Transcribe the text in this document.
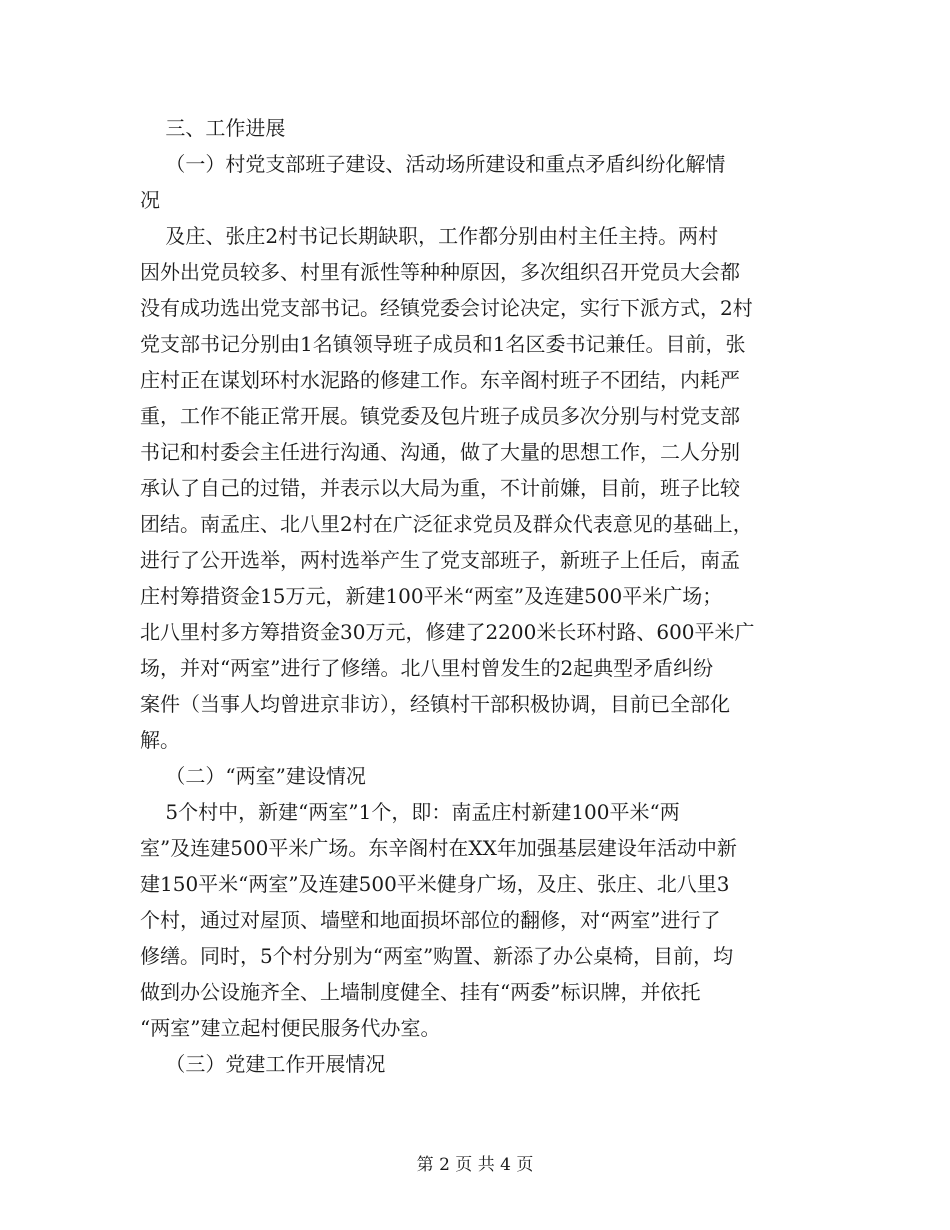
三、工作进展
（一）村党支部班子建设、活动场所建设和重点矛盾纠纷化解情
况
及庄、张庄2村书记长期缺职，工作都分别由村主任主持。两村
因外出党员较多、村里有派性等种种原因，多次组织召开党员大会都
没有成功选出党支部书记。经镇党委会讨论决定，实行下派方式，2村
党支部书记分别由1名镇领导班子成员和1名区委书记兼任。目前，张
庄村正在谋划环村水泥路的修建工作。东辛阁村班子不团结，内耗严
重，工作不能正常开展。镇党委及包片班子成员多次分别与村党支部
书记和村委会主任进行沟通、沟通，做了大量的思想工作，二人分别
承认了自己的过错，并表示以大局为重，不计前嫌，目前，班子比较
团结。南孟庄、北八里2村在广泛征求党员及群众代表意见的基础上，
进行了公开选举，两村选举产生了党支部班子，新班子上任后，南孟
庄村筹措资金15万元，新建100平米“两室”及连建500平米广场；
北八里村多方筹措资金30万元，修建了2200米长环村路、600平米广
场，并对“两室”进行了修缮。北八里村曾发生的2起典型矛盾纠纷
案件（当事人均曾进京非访），经镇村干部积极协调，目前已全部化
解。
（二）“两室”建设情况
5个村中，新建“两室”1个，即：南孟庄村新建100平米“两
室”及连建500平米广场。东辛阁村在XX年加强基层建设年活动中新
建150平米“两室”及连建500平米健身广场，及庄、张庄、北八里3
个村，通过对屋顶、墙壁和地面损坏部位的翻修，对“两室”进行了
修缮。同时，5个村分别为“两室”购置、新添了办公桌椅，目前，均
做到办公设施齐全、上墙制度健全、挂有“两委”标识牌，并依托
“两室”建立起村便民服务代办室。
（三）党建工作开展情况
第 2 页 共 4 页
